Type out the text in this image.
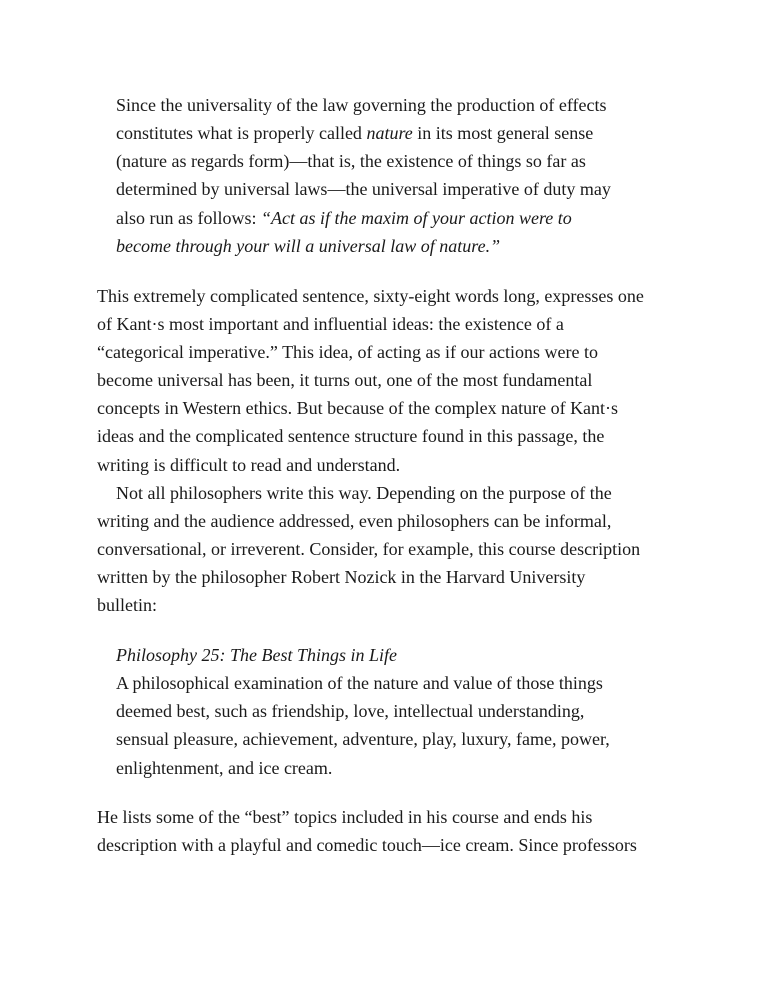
Since the universality of the law governing the production of effects
constitutes what is properly called nature in its most general sense
(nature as regards form)—that is, the existence of things so far as
determined by universal laws—the universal imperative of duty may
also run as follows: “Act as if the maxim of your action were to
become through your will a universal law of nature.”
This extremely complicated sentence, sixty-eight words long, expresses one
of Kant·s most important and influential ideas: the existence of a
“categorical imperative.” This idea, of acting as if our actions were to
become universal has been, it turns out, one of the most fundamental
concepts in Western ethics. But because of the complex nature of Kant·s
ideas and the complicated sentence structure found in this passage, the
writing is difficult to read and understand.
Not all philosophers write this way. Depending on the purpose of the
writing and the audience addressed, even philosophers can be informal,
conversational, or irreverent. Consider, for example, this course description
written by the philosopher Robert Nozick in the Harvard University
bulletin:
Philosophy 25: The Best Things in Life
A philosophical examination of the nature and value of those things
deemed best, such as friendship, love, intellectual understanding,
sensual pleasure, achievement, adventure, play, luxury, fame, power,
enlightenment, and ice cream.
He lists some of the “best” topics included in his course and ends his
description with a playful and comedic touch—ice cream. Since professors
